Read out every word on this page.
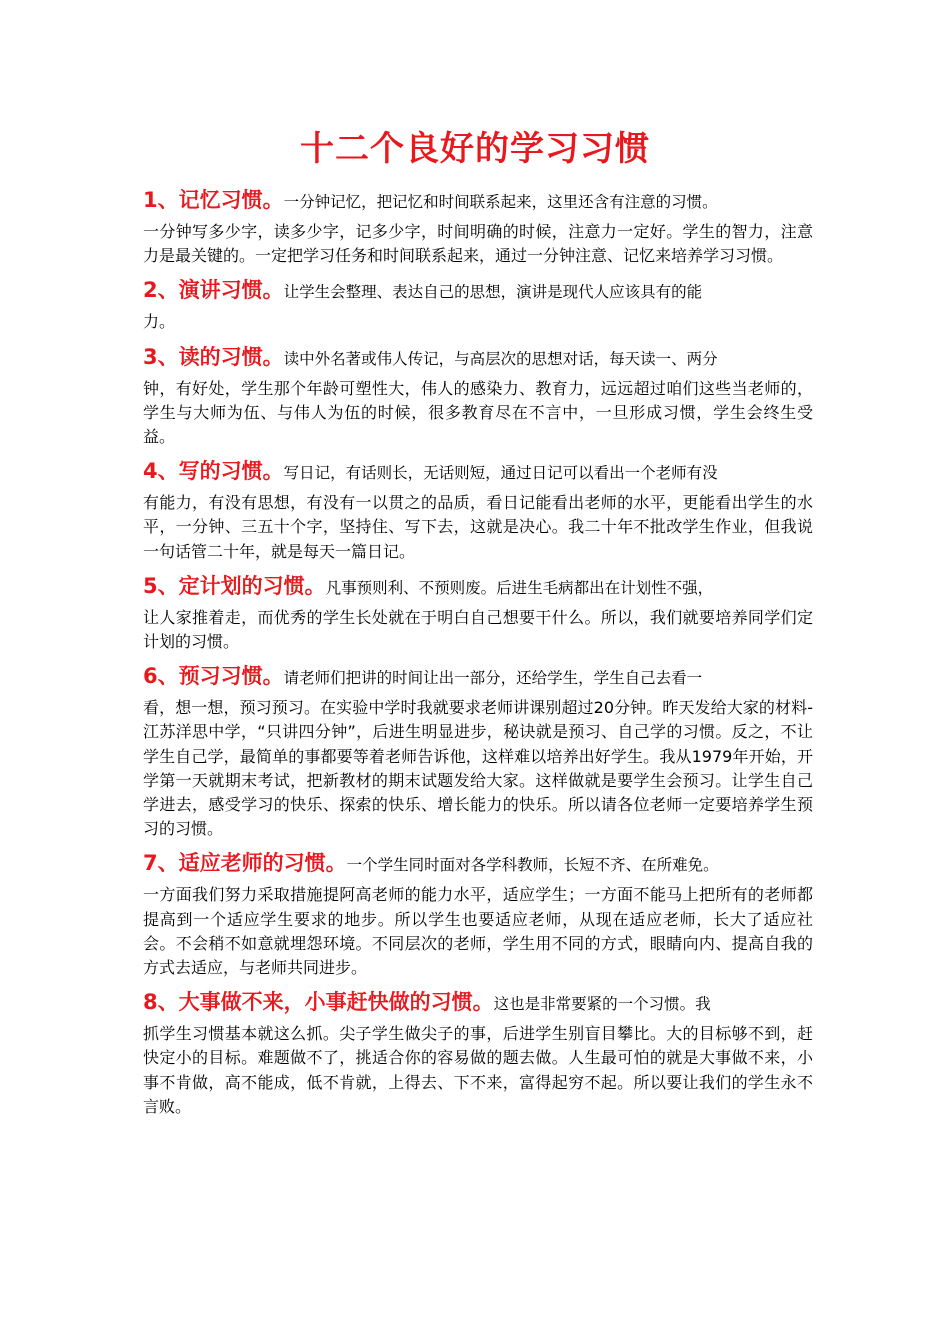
十二个良好的学习习惯

1、记忆习惯。一分钟记忆，把记忆和时间联系起来，这里还含有注意的习惯。
一分钟写多少字，读多少字，记多少字，时间明确的时候，注意力一定好。学生的智力，注意力是最关键的。一定把学习任务和时间联系起来，通过一分钟注意、记忆来培养学习习惯。

2、演讲习惯。让学生会整理、表达自己的思想，演讲是现代人应该具有的能
力。

3、读的习惯。读中外名著或伟人传记，与高层次的思想对话，每天读一、两分
钟，有好处，学生那个年龄可塑性大，伟人的感染力、教育力，远远超过咱们这些当老师的，学生与大师为伍、与伟人为伍的时候，很多教育尽在不言中，一旦形成习惯，学生会终生受益。

4、写的习惯。写日记，有话则长，无话则短，通过日记可以看出一个老师有没
有能力，有没有思想，有没有一以贯之的品质，看日记能看出老师的水平，更能看出学生的水平，一分钟、三五十个字，坚持住、写下去，这就是决心。我二十年不批改学生作业，但我说一句话管二十年，就是每天一篇日记。

5、定计划的习惯。凡事预则利、不预则废。后进生毛病都出在计划性不强，
让人家推着走，而优秀的学生长处就在于明白自己想要干什么。所以，我们就要培养同学们定计划的习惯。

6、预习习惯。请老师们把讲的时间让出一部分，还给学生，学生自己去看一
看，想一想，预习预习。在实验中学时我就要求老师讲课别超过20分钟。昨天发给大家的材料-江苏洋思中学，“只讲四分钟”，后进生明显进步，秘诀就是预习、自己学的习惯。反之，不让学生自己学，最简单的事都要等着老师告诉他，这样难以培养出好学生。我从1979年开始，开学第一天就期末考试，把新教材的期末试题发给大家。这样做就是要学生会预习。让学生自己学进去，感受学习的快乐、探索的快乐、增长能力的快乐。所以请各位老师一定要培养学生预习的习惯。

7、适应老师的习惯。一个学生同时面对各学科教师，长短不齐、在所难免。
一方面我们努力采取措施提阿高老师的能力水平，适应学生；一方面不能马上把所有的老师都提高到一个适应学生要求的地步。所以学生也要适应老师，从现在适应老师，长大了适应社会。不会稍不如意就埋怨环境。不同层次的老师，学生用不同的方式，眼睛向内、提高自我的方式去适应，与老师共同进步。

8、大事做不来，小事赶快做的习惯。这也是非常要紧的一个习惯。我
抓学生习惯基本就这么抓。尖子学生做尖子的事，后进学生别盲目攀比。大的目标够不到，赶快定小的目标。难题做不了，挑适合你的容易做的题去做。人生最可怕的就是大事做不来，小事不肯做，高不能成，低不肯就，上得去、下不来，富得起穷不起。所以要让我们的学生永不言败。
